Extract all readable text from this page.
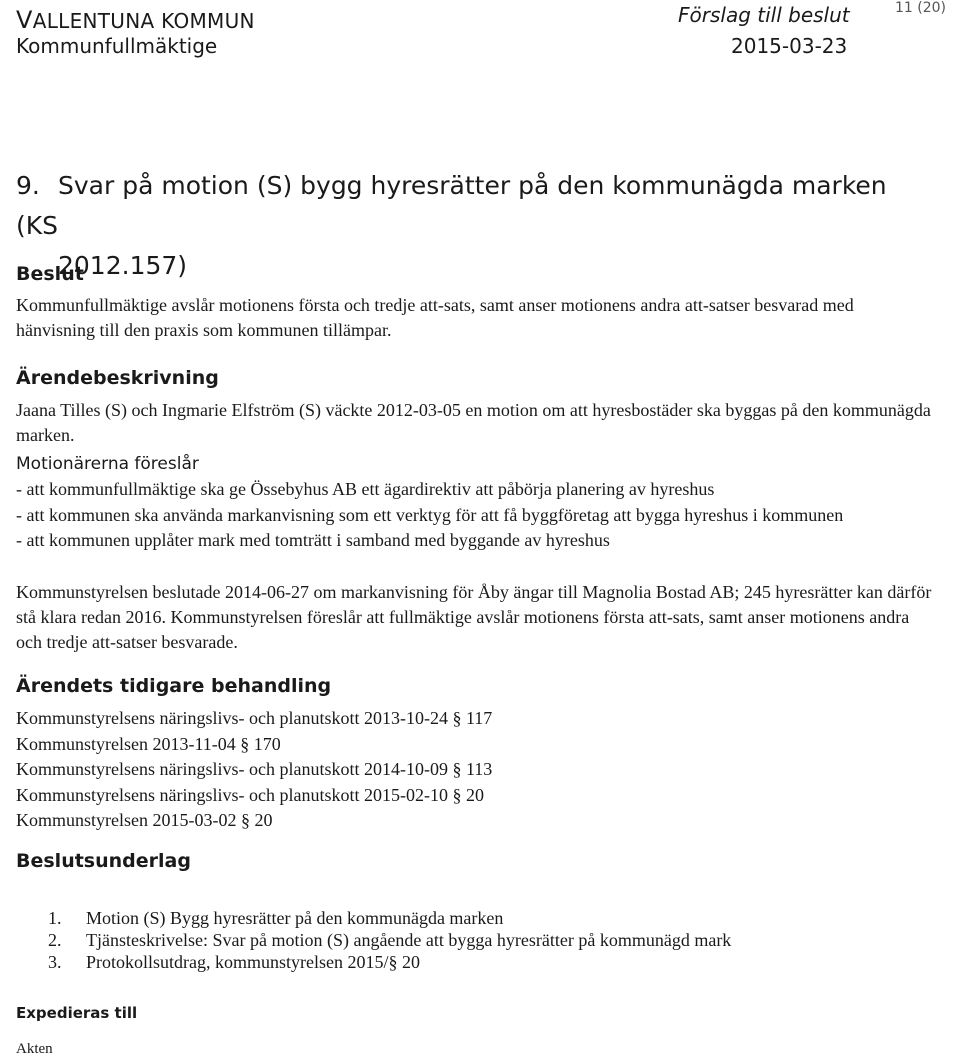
VALLENTUNA KOMMUN	Förslag till beslut	11 (20)
Kommunfullmäktige	2015-03-23
9. Svar på motion (S) bygg hyresrätter på den kommunägda marken (KS
2012.157)
Beslut

Kommunfullmäktige avslår motionens första och tredje att-sats, samt anser motionens andra att-satser besvarad med hänvisning till den praxis som kommunen tillämpar.

Ärendebeskrivning

Jaana Tilles (S) och Ingmarie Elfström (S) väckte 2012-03-05 en motion om att hyresbostäder ska byggas på den kommunägda marken.

Motionärerna föreslår

- att kommunfullmäktige ska ge Össebyhus AB ett ägardirektiv att påbörja planering av hyreshus
- att kommunen ska använda markanvisning som ett verktyg för att få byggföretag att bygga hyreshus i kommunen
- att kommunen upplåter mark med tomträtt i samband med byggande av hyreshus

Kommunstyrelsen beslutade 2014-06-27 om markanvisning för Åby ängar till Magnolia Bostad AB; 245 hyresrätter kan därför stå klara redan 2016. Kommunstyrelsen föreslår att fullmäktige avslår motionens första att-sats, samt anser motionens andra och tredje att-satser besvarade.

Ärendets tidigare behandling
Kommunstyrelsens näringslivs- och planutskott 2013-10-24 § 117
Kommunstyrelsen 2013-11-04 § 170
Kommunstyrelsens näringslivs- och planutskott 2014-10-09 § 113
Kommunstyrelsens näringslivs- och planutskott 2015-02-10 § 20
Kommunstyrelsen 2015-03-02 § 20
Beslutsunderlag
1. Motion (S) Bygg hyresrätter på den kommunägda marken
2. Tjänsteskrivelse: Svar på motion (S) angående att bygga hyresrätter på kommunägd mark
3. Protokollsutdrag, kommunstyrelsen 2015/§ 20
Expedieras till

Akten
